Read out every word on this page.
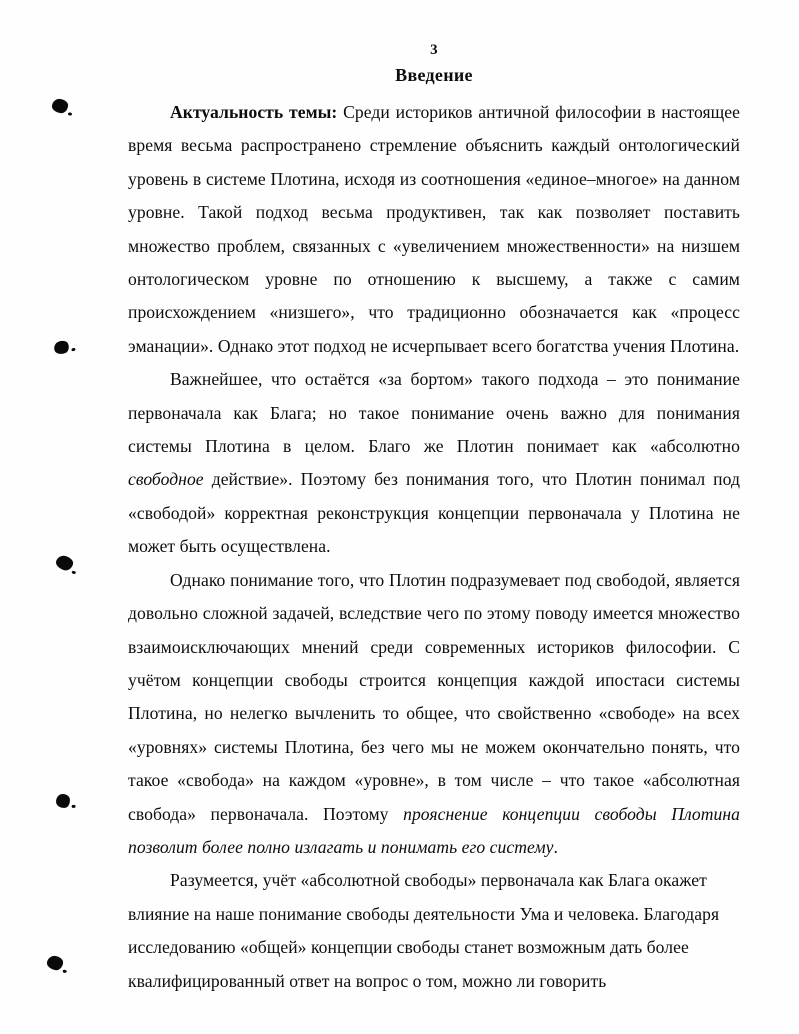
3
Введение

Актуальность темы: Среди историков античной философии в настоящее время весьма распространено стремление объяснить каждый онтологический уровень в системе Плотина, исходя из соотношения «единое–многое» на данном уровне. Такой подход весьма продуктивен, так как позволяет поставить множество проблем, связанных с «увеличением множественности» на низшем онтологическом уровне по отношению к высшему, а также с самим происхождением «низшего», что традиционно обозначается как «процесс эманации». Однако этот подход не исчерпывает всего богатства учения Плотина.

Важнейшее, что остаётся «за бортом» такого подхода – это понимание первоначала как Блага; но такое понимание очень важно для понимания системы Плотина в целом. Благо же Плотин понимает как «абсолютно свободное действие». Поэтому без понимания того, что Плотин понимал под «свободой» корректная реконструкция концепции первоначала у Плотина не может быть осуществлена.

Однако понимание того, что Плотин подразумевает под свободой, является довольно сложной задачей, вследствие чего по этому поводу имеется множество взаимоисключающих мнений среди современных историков философии. С учётом концепции свободы строится концепция каждой ипостаси системы Плотина, но нелегко вычленить то общее, что свойственно «свободе» на всех «уровнях» системы Плотина, без чего мы не можем окончательно понять, что такое «свобода» на каждом «уровне», в том числе – что такое «абсолютная свобода» первоначала. Поэтому прояснение концепции свободы Плотина позволит более полно излагать и понимать его систему.

Разумеется, учёт «абсолютной свободы» первоначала как Блага окажет влияние на наше понимание свободы деятельности Ума и человека. Благодаря исследованию «общей» концепции свободы станет возможным дать более квалифицированный ответ на вопрос о том, можно ли говорить
